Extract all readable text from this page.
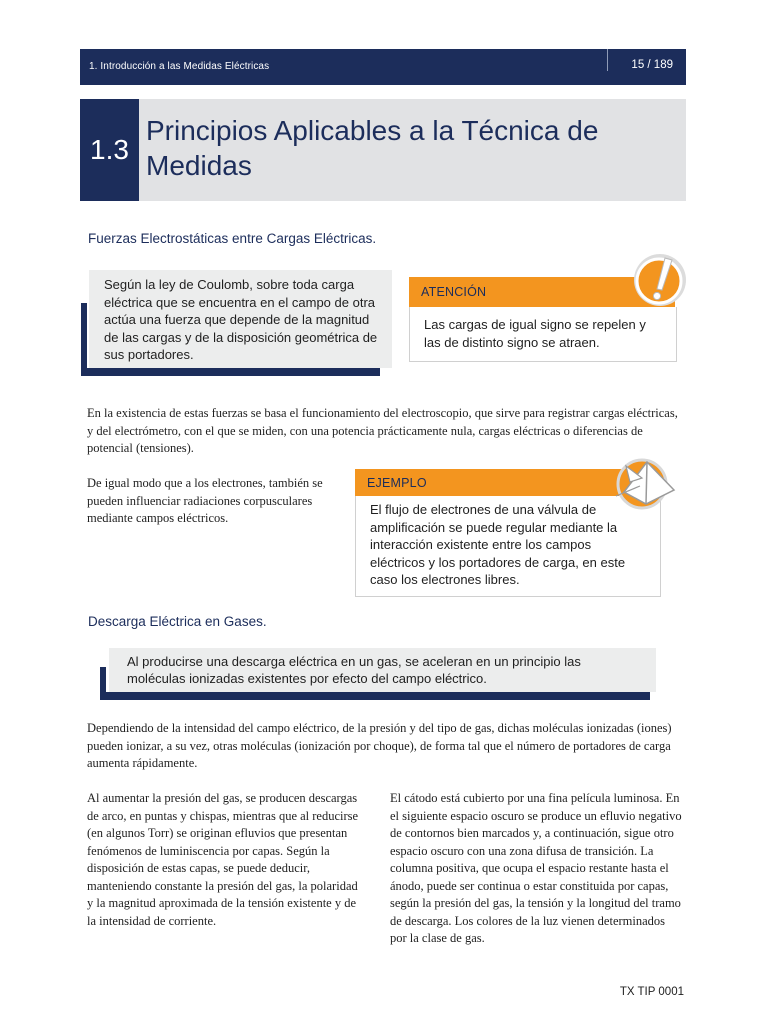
1. Introducción a las Medidas Eléctricas	15 / 189
1.3
Principios Aplicables a la Técnica de Medidas
Fuerzas Electrostáticas entre Cargas Eléctricas.
Según la ley de Coulomb, sobre toda carga eléctrica que se encuentra en el campo de otra actúa una fuerza que depende de la magnitud de las cargas y de la disposición geométrica de sus portadores.
ATENCIÓN
Las cargas de igual signo se repelen y las de distinto signo se atraen.
En la existencia de estas fuerzas se basa el funcionamiento del electroscopio, que sirve para registrar cargas eléctricas, y del electrómetro, con el que se miden, con una potencia prácticamente nula, cargas eléctricas o diferencias de potencial (tensiones).
De igual modo que a los electrones, también se pueden influenciar radiaciones corpusculares mediante campos eléctricos.
EJEMPLO
El flujo de electrones de una válvula de amplificación se puede regular mediante la interacción existente entre los campos eléctricos y los portadores de carga, en este caso los electrones libres.
Descarga Eléctrica en Gases.
Al producirse una descarga eléctrica en un gas, se aceleran en un principio las moléculas ionizadas existentes por efecto del campo eléctrico.
Dependiendo de la intensidad del campo eléctrico, de la presión y del tipo de gas, dichas moléculas ionizadas (iones) pueden ionizar, a su vez, otras moléculas (ionización por choque), de forma tal que el número de portadores de carga aumenta rápidamente.
Al aumentar la presión del gas, se producen descargas de arco, en puntas y chispas, mientras que al reducirse (en algunos Torr) se originan efluvios que presentan fenómenos de luminiscencia por capas. Según la disposición de estas capas, se puede deducir, manteniendo constante la presión del gas, la polaridad y la magnitud aproximada de la tensión existente y de la intensidad de corriente.
El cátodo está cubierto por una fina película luminosa. En el siguiente espacio oscuro se produce un efluvio negativo de contornos bien marcados y, a continuación, sigue otro espacio oscuro con una zona difusa de transición. La columna positiva, que ocupa el espacio restante hasta el ánodo, puede ser continua o estar constituida por capas, según la presión del gas, la tensión y la longitud del tramo de descarga. Los colores de la luz vienen determinados por la clase de gas.
TX TIP 0001
